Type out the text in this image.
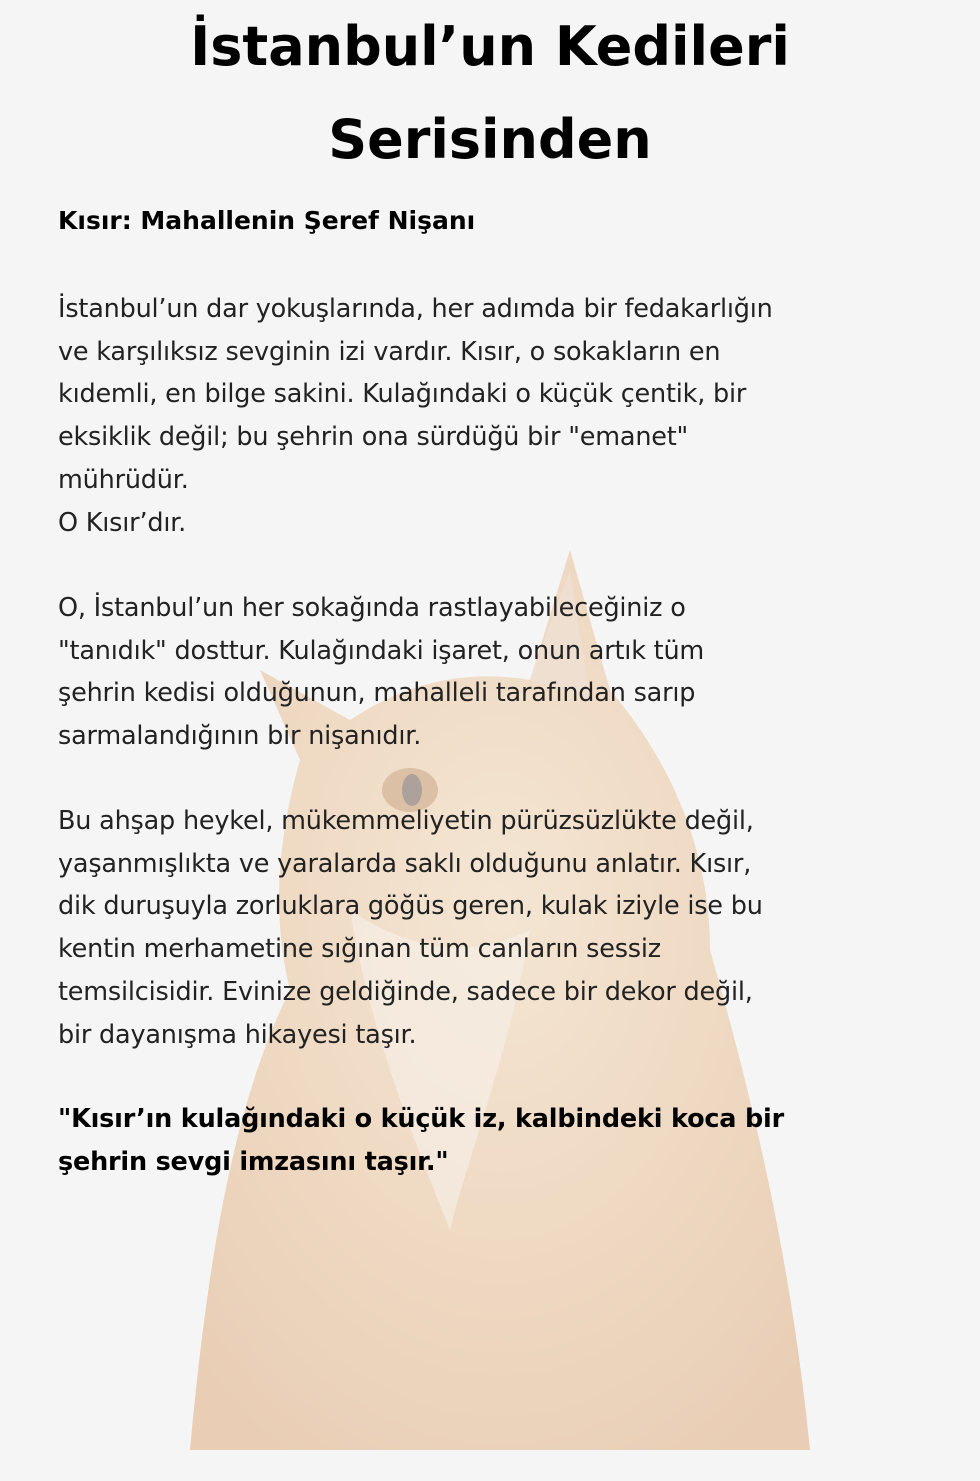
İstanbul’un Kedileri
Serisinden
Kısır: Mahallenin Şeref Nişanı
İstanbul’un dar yokuşlarında, her adımda bir fedakarlığın
ve karşılıksız sevginin izi vardır. Kısır, o sokakların en
kıdemli, en bilge sakini. Kulağındaki o küçük çentik, bir
eksiklik değil; bu şehrin ona sürdüğü bir "emanet"
mührüdür.
O Kısır’dır.
O, İstanbul’un her sokağında rastlayabileceğiniz o
"tanıdık" dosttur. Kulağındaki işaret, onun artık tüm
şehrin kedisi olduğunun, mahalleli tarafından sarıp
sarmalandığının bir nişanıdır.
Bu ahşap heykel, mükemmeliyetin pürüzsüzlükte değil,
yaşanmışlıkta ve yaralarda saklı olduğunu anlatır. Kısır,
dik duruşuyla zorluklara göğüs geren, kulak iziyle ise bu
kentin merhametine sığınan tüm canların sessiz
temsilcisidir. Evinize geldiğinde, sadece bir dekor değil,
bir dayanışma hikayesi taşır.
"Kısır’ın kulağındaki o küçük iz, kalbindeki koca bir
şehrin sevgi imzasını taşır."
